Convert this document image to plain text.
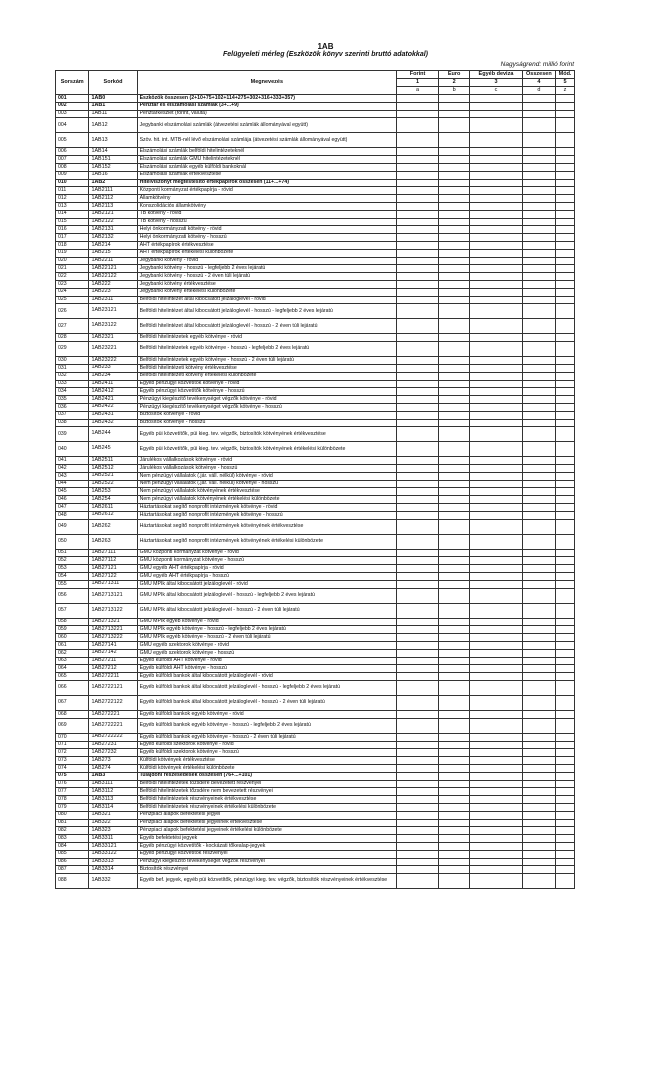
1AB
Felügyeleti mérleg (Eszközök könyv szerinti bruttó adatokkal)
Nagyságrend: millió forint
Sorszám	Sorkód	Megnevezés	Forint	Euro	Egyéb deviza	Összesen	Mód.
			1	2	3	4	5
			a	b	c	d	z
001	1AB0	Eszközök összesen (2+10+75+102+114+275+302+316+333+357)					
002	1AB1	Pénztár és elszámolási számlák (3+...+9)					
003	1AB11	Pénztárkészlet (forint, valuta)					
004	1AB12	Jegybanki elszámolási számlák (átvezetési számlák állományával együtt)					
005	1AB13	Szöv. hit. int. MTB-nél lévő elszámolási számlája (átvezetési számlák állományával együtt)					
006	1AB14	Elszámolási számlák belföldi hitelintézeteknél					
007	1AB151	Elszámolási számlák GMU hitelintézeteknél					
008	1AB152	Elszámolási számlák egyéb külföldi bankoknál					
009	1AB16	Elszámolási számlák értékvesztése					
010	1AB2	Hitelviszonyt megtestesítő értékpapírok összesen (11+...+74)					
011	1AB2111	Központi kormányzat értékpapírja - rövid					
012	1AB2112	Államkötvény					
013	1AB2113	Konszolidációs államkötvény					
014	1AB2121	TB kötvény - rövid					
015	1AB2122	TB kötvény - hosszú					
016	1AB2131	Helyi önkormányzati kötvény - rövid					
017	1AB2132	Helyi önkormányzati kötvény - hosszú					
018	1AB214	ÁHT értékpapírok értékvesztése					
019	1AB215	ÁHT értékpapírok értékelési különbözete					
020	1AB2211	Jegybanki kötvény - rövid					
021	1AB22121	Jegybanki kötvény - hosszú - legfeljebb 2 éves lejáratú					
022	1AB22122	Jegybanki kötvény - hosszú - 2 éven túli lejáratú					
023	1AB222	Jegybanki kötvény értékvesztése					
024	1AB223	Jegybanki kötvény értékelési különbözete					
025	1AB2311	Belföldi hitelintézet által kibocsátott jelzáloglevél - rövid					
026	1AB23121	Belföldi hitelintézet által kibocsátott jelzáloglevél - hosszú - legfeljebb 2 éves lejáratú					
027	1AB23122	Belföldi hitelintézet által kibocsátott jelzáloglevél - hosszú - 2 éven túli lejáratú					
028	1AB2321	Belföldi hitelintézetek egyéb kötvénye - rövid					
029	1AB23221	Belföldi hitelintézetek egyéb kötvénye - hosszú - legfeljebb 2 éves lejáratú					
030	1AB23222	Belföldi hitelintézetek egyéb kötvénye - hosszú - 2 éven túli lejáratú					
031	1AB233	Belföldi hitelintézeti kötvény értékvesztése					
032	1AB234	Belföldi hitelintézeti kötvény értékelési különbözete					
033	1AB2411	Egyéb pénzügyi közvetítők kötvénye - rövid					
034	1AB2412	Egyéb pénzügyi közvetítők kötvénye - hosszú					
035	1AB2421	Pénzügyi kiegészítő tevékenységet végzők kötvénye - rövid					
036	1AB2422	Pénzügyi kiegészítő tevékenységet végzők kötvénye - hosszú					
037	1AB2431	Biztosítók kötvénye - rövid					
038	1AB2432	Biztosítók kötvénye - hosszú					
039	1AB244	Egyéb püi közvetítők, püi kieg. tev. végzők, biztosítók kötvényének értékvesztése					
040	1AB245	Egyéb püi közvetítők, püi kieg. tev. végzők, biztosítók kötvényének értékelési különbözete					
041	1AB2511	Járulékos vállalkozások kötvénye - rövid					
042	1AB2512	Járulékos vállalkozások kötvénye - hosszú					
043	1AB2521	Nem pénzügyi vállalatok (.jár. váll. nélkül) kötvénye - rövid					
044	1AB2522	Nem pénzügyi vállalatok (.jár. váll. nélkül) kötvénye - hosszú					
045	1AB253	Nem pénzügyi vállalatok kötvényének értékvesztése					
046	1AB254	Nem pénzügyi vállalatok kötvényének értékelési különbözete					
047	1AB2611	Háztartásokat segítő nonprofit intézmények kötvénye - rövid					
048	1AB2612	Háztartásokat segítő nonprofit intézmények kötvénye - hosszú					
049	1AB262	Háztartásokat segítő nonprofit intézmények kötvényének értékvesztése					
050	1AB263	Háztartásokat segítő nonprofit intézmények kötvényének értékelési különbözete					
051	1AB27111	GMU központi kormányzat kötvénye - rövid					
052	1AB27112	GMU központi kormányzat kötvénye - hosszú					
053	1AB27121	GMU egyéb ÁHT értékpapírja - rövid					
054	1AB27122	GMU egyéb ÁHT értékpapírja - hosszú					
055	1AB271311	GMU MPIk által kibocsátott jelzáloglevél - rövid					
056	1AB2713121	GMU MPIk által kibocsátott jelzáloglevél - hosszú - legfeljebb 2 éves lejáratú					
057	1AB2713122	GMU MPIk által kibocsátott jelzáloglevél - hosszú - 2 éven túli lejáratú					
058	1AB271321	GMU MPIk egyéb kötvénye - rövid					
059	1AB2713221	GMU MPIk egyéb kötvénye - hosszú - legfeljebb 2 éves lejáratú					
060	1AB2713222	GMU MPIk egyéb kötvénye - hosszú - 2 éven túli lejáratú					
061	1AB27141	GMU egyéb szektorok kötvénye - rövid					
062	1AB27142	GMU egyéb szektorok kötvénye - hosszú					
063	1AB27211	Egyéb külföldi ÁHT kötvénye - rövid					
064	1AB27212	Egyéb külföldi ÁHT kötvénye - hosszú					
065	1AB272211	Egyéb külföldi bankok által kibocsátott jelzáloglevél - rövid					
066	1AB2722121	Egyéb külföldi bankok által kibocsátott jelzáloglevél - hosszú - legfeljebb 2 éves lejáratú					
067	1AB2722122	Egyéb külföldi bankok által kibocsátott jelzáloglevél - hosszú - 2 éven túli lejáratú					
068	1AB272221	Egyéb külföldi bankok egyéb kötvénye - rövid					
069	1AB2722221	Egyéb külföldi bankok egyéb kötvénye - hosszú - legfeljebb 2 éves lejáratú					
070	1AB2722222	Egyéb külföldi bankok egyéb kötvénye - hosszú - 2 éven túli lejáratú					
071	1AB27231	Egyéb külföldi szektorok kötvénye - rövid					
072	1AB27232	Egyéb külföldi szektorok kötvénye - hosszú					
073	1AB273	Külföldi kötvények értékvesztése					
074	1AB274	Külföldi kötvények értékelési különbözete					
075	1AB3	Tulajdoni részesedések összesen (76+...+101)					
076	1AB3111	Belföldi hitelintézetek tőzsdére bevezetett részvényei					
077	1AB3112	Belföldi hitelintézetek tőzsdére nem bevezetett részvényei					
078	1AB3113	Belföldi hitelintézetek részvényeinek értékvesztése					
079	1AB3114	Belföldi hitelintézetek részvényeinek értékelési különbözete					
080	1AB321	Pénzpiaci alapok befektetési jegyei					
081	1AB322	Pénzpiaci alapok befektetési jegyeinek értékvesztése					
082	1AB323	Pénzpiaci alapok befektetési jegyeinek értékelési különbözete					
083	1AB3311	Egyéb befektetési jegyek					
084	1AB33121	Egyéb pénzügyi közvetítők - kockázati tőkealap-jegyek					
085	1AB33122	Egyéb pénzügyi közvetítők részvényei					
086	1AB3313	Pénzügyi kiegészítő tevékenységet végzők részvényei					
087	1AB3314	Biztosítók részvényei					
088	1AB332	Egyéb bef. jegyek, egyéb püi közvetítők, pénzügyi kieg. tev. végzők, biztosítók részvényeinek értékvesztése					
